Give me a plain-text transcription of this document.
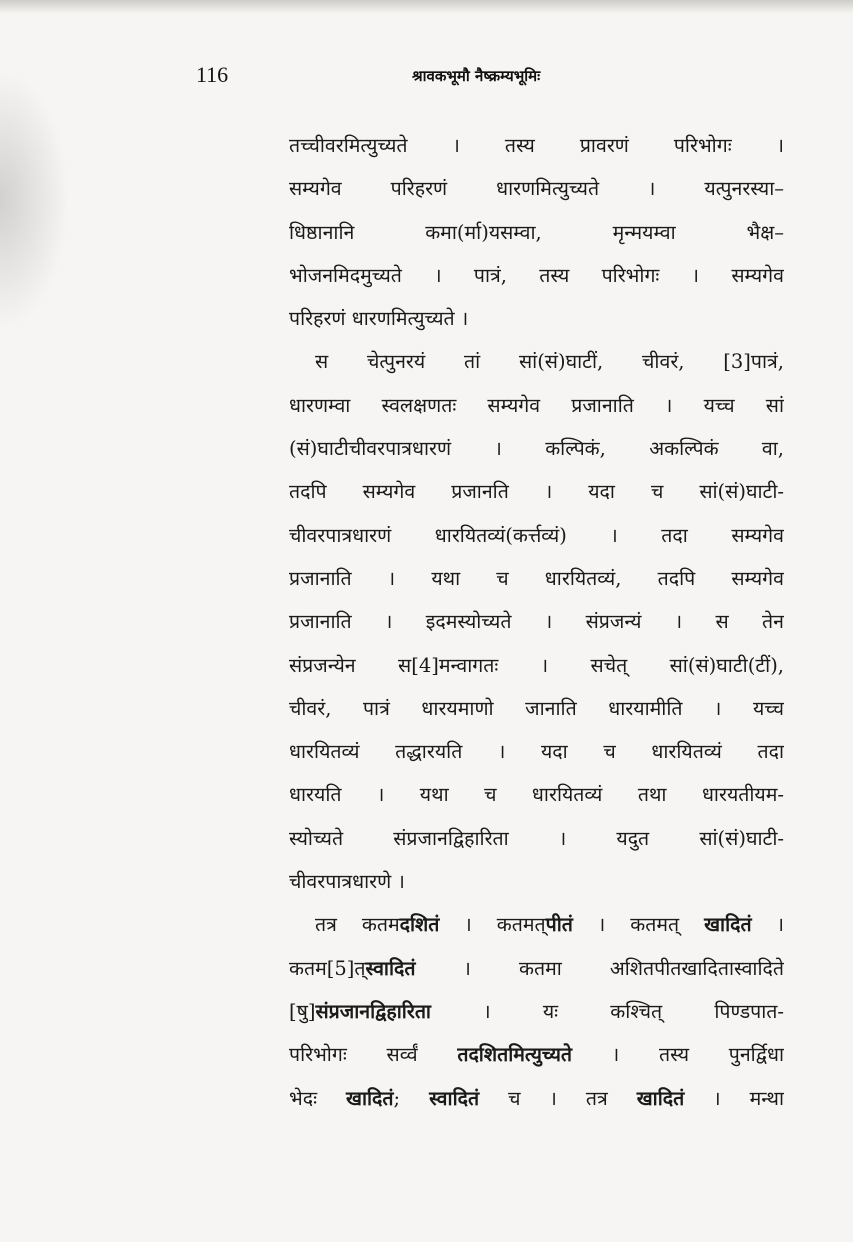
116	श्रावकभूमौ नैष्क्रम्यभूमिः
तच्चीवरमित्युच्यते । तस्य प्रावरणं परिभोगः ।
सम्यगेव परिहरणं धारणमित्युच्यते । यत्पुनरस्या–
धिष्ठानानि कमा(र्मा)यसम्वा, मृन्मयम्वा भैक्ष–
भोजनमिदमुच्यते । पात्रं, तस्य परिभोगः । सम्यगेव
परिहरणं धारणमित्युच्यते ।
स चेत्पुनरयं तां सां(सं)घाटीं, चीवरं, [3]पात्रं,
धारणम्वा स्वलक्षणतः सम्यगेव प्रजानाति । यच्च सां
(सं)घाटीचीवरपात्रधारणं । कल्पिकं, अकल्पिकं वा,
तदपि सम्यगेव प्रजानति । यदा च सां(सं)घाटी-
चीवरपात्रधारणं धारयितव्यं(कर्त्तव्यं) । तदा सम्यगेव
प्रजानाति । यथा च धारयितव्यं, तदपि सम्यगेव
प्रजानाति । इदमस्योच्यते । संप्रजन्यं । स तेन
संप्रजन्येन स[4]मन्वागतः । सचेत् सां(सं)घाटी(टीं),
चीवरं, पात्रं धारयमाणो जानाति धारयामीति । यच्च
धारयितव्यं तद्धारयति । यदा च धारयितव्यं तदा
धारयति । यथा च धारयितव्यं तथा धारयतीयम-
स्योच्यते संप्रजानद्विहारिता । यदुत सां(सं)घाटी-
चीवरपात्रधारणे ।
तत्र कतमदशितं । कतमत्पीतं । कतमत् खादितं ।
कतम[5]त्स्वादितं । कतमा अशितपीतखादितास्वादिते
[षु]संप्रजानद्विहारिता । यः कश्चित् पिण्डपात-
परिभोगः सर्व्वं तदशितमित्युच्यते । तस्य पुनर्द्विधा
भेदः खादितं; स्वादितं च । तत्र खादितं । मन्था
